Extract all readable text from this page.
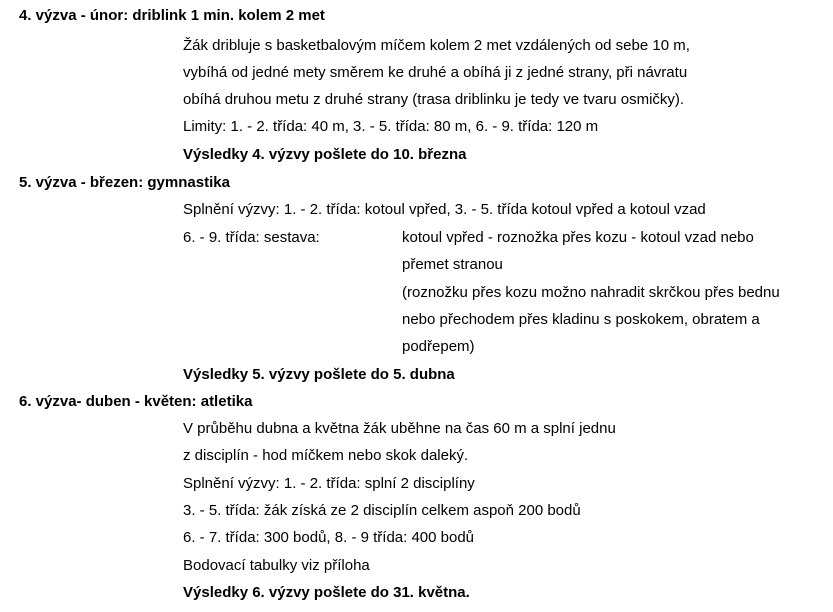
4. výzva - únor: driblink 1 min. kolem 2 met
Žák dribluje s basketbalovým míčem kolem 2 met vzdálených od sebe 10 m,
vybíhá od jedné mety směrem ke druhé a obíhá ji z jedné strany, při návratu
obíhá druhou metu z druhé strany (trasa driblinku je tedy ve tvaru osmičky).
Limity: 1. - 2. třída: 40 m, 3. - 5. třída: 80 m, 6. - 9. třída: 120 m
Výsledky 4. výzvy pošlete do 10. března
5. výzva - březen: gymnastika
Splnění výzvy: 1. - 2. třída: kotoul vpřed, 3. - 5. třída kotoul vpřed a kotoul vzad
6. - 9. třída: sestava:	kotoul vpřed - roznožka přes kozu - kotoul vzad nebo
přemet stranou
(roznožku přes kozu možno nahradit skrčkou přes bednu
nebo přechodem přes kladinu s poskokem, obratem a
podřepem)
Výsledky 5. výzvy pošlete do 5. dubna
6. výzva- duben - květen: atletika
V průběhu dubna a května žák uběhne na čas 60 m a splní jednu
z disciplín - hod míčkem nebo skok daleký.
Splnění výzvy: 1. - 2. třída: splní 2 disciplíny
3. - 5. třída: žák získá ze 2 disciplín celkem aspoň 200 bodů
6. - 7. třída: 300 bodů, 8. - 9 třída: 400 bodů
Bodovací tabulky viz příloha
Výsledky 6. výzvy pošlete do 31. května.
